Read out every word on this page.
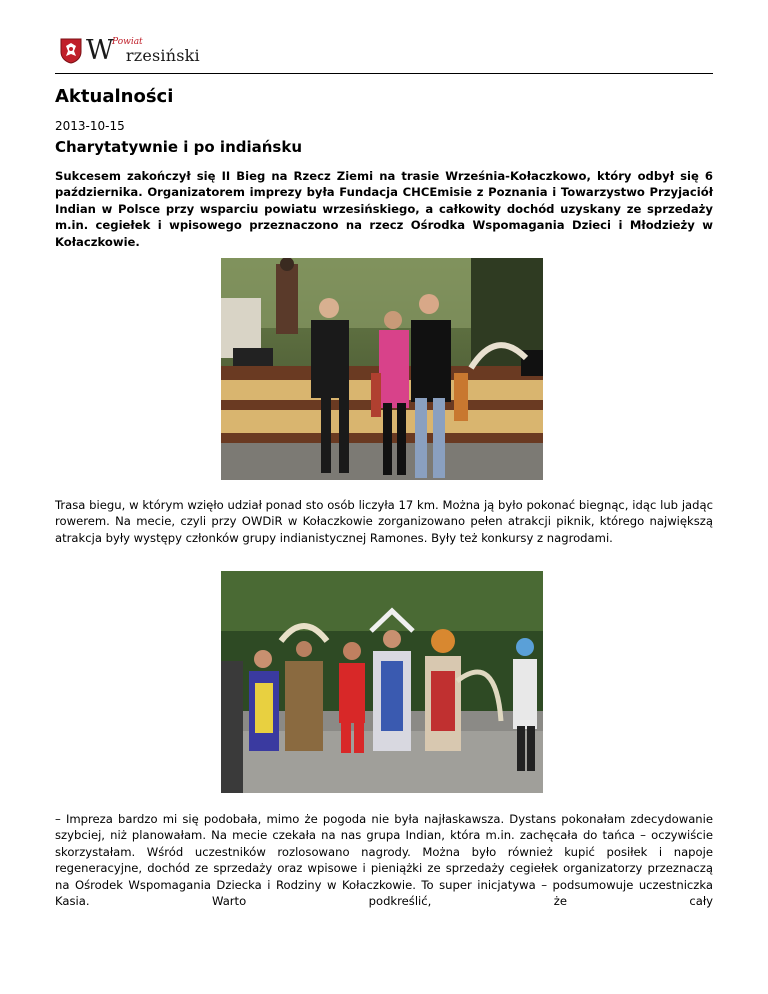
W
Powiat
rzesiński
Aktualności
2013-10-15
Charytatywnie i po indiańsku

Sukcesem zakończył się II Bieg na Rzecz Ziemi na trasie Września-Kołaczkowo, który odbył się 6 października. Organizatorem imprezy była Fundacja CHCEmisie z Poznania i Towarzystwo Przyjaciół Indian w Polsce przy wsparciu powiatu wrzesińskiego, a całkowity dochód uzyskany ze sprzedaży m.in. cegiełek i wpisowego przeznaczono na rzecz Ośrodka Wspomagania Dzieci i Młodzieży w Kołaczkowie.

Trasa biegu, w którym wzięło udział ponad sto osób liczyła 17 km. Można ją było pokonać biegnąc, idąc lub jadąc rowerem. Na mecie, czyli przy OWDiR w Kołaczkowie zorganizowano pełen atrakcji piknik, którego największą atrakcja były występy członków grupy indianistycznej Ramones. Były też konkursy z nagrodami.

– Impreza bardzo mi się podobała, mimo że pogoda nie była najłaskawsza. Dystans pokonałam zdecydowanie szybciej, niż planowałam. Na mecie czekała na nas grupa Indian, która m.in. zachęcała do tańca – oczywiście skorzystałam. Wśród uczestników rozlosowano nagrody. Można było również kupić posiłek i napoje regeneracyjne, dochód ze sprzedaży oraz wpisowe i pieniążki ze sprzedaży cegiełek organizatorzy przeznaczą na Ośrodek Wspomagania Dziecka i Rodziny w Kołaczkowie. To super inicjatywa – podsumowuje uczestniczka Kasia. Warto podkreślić, że cały
